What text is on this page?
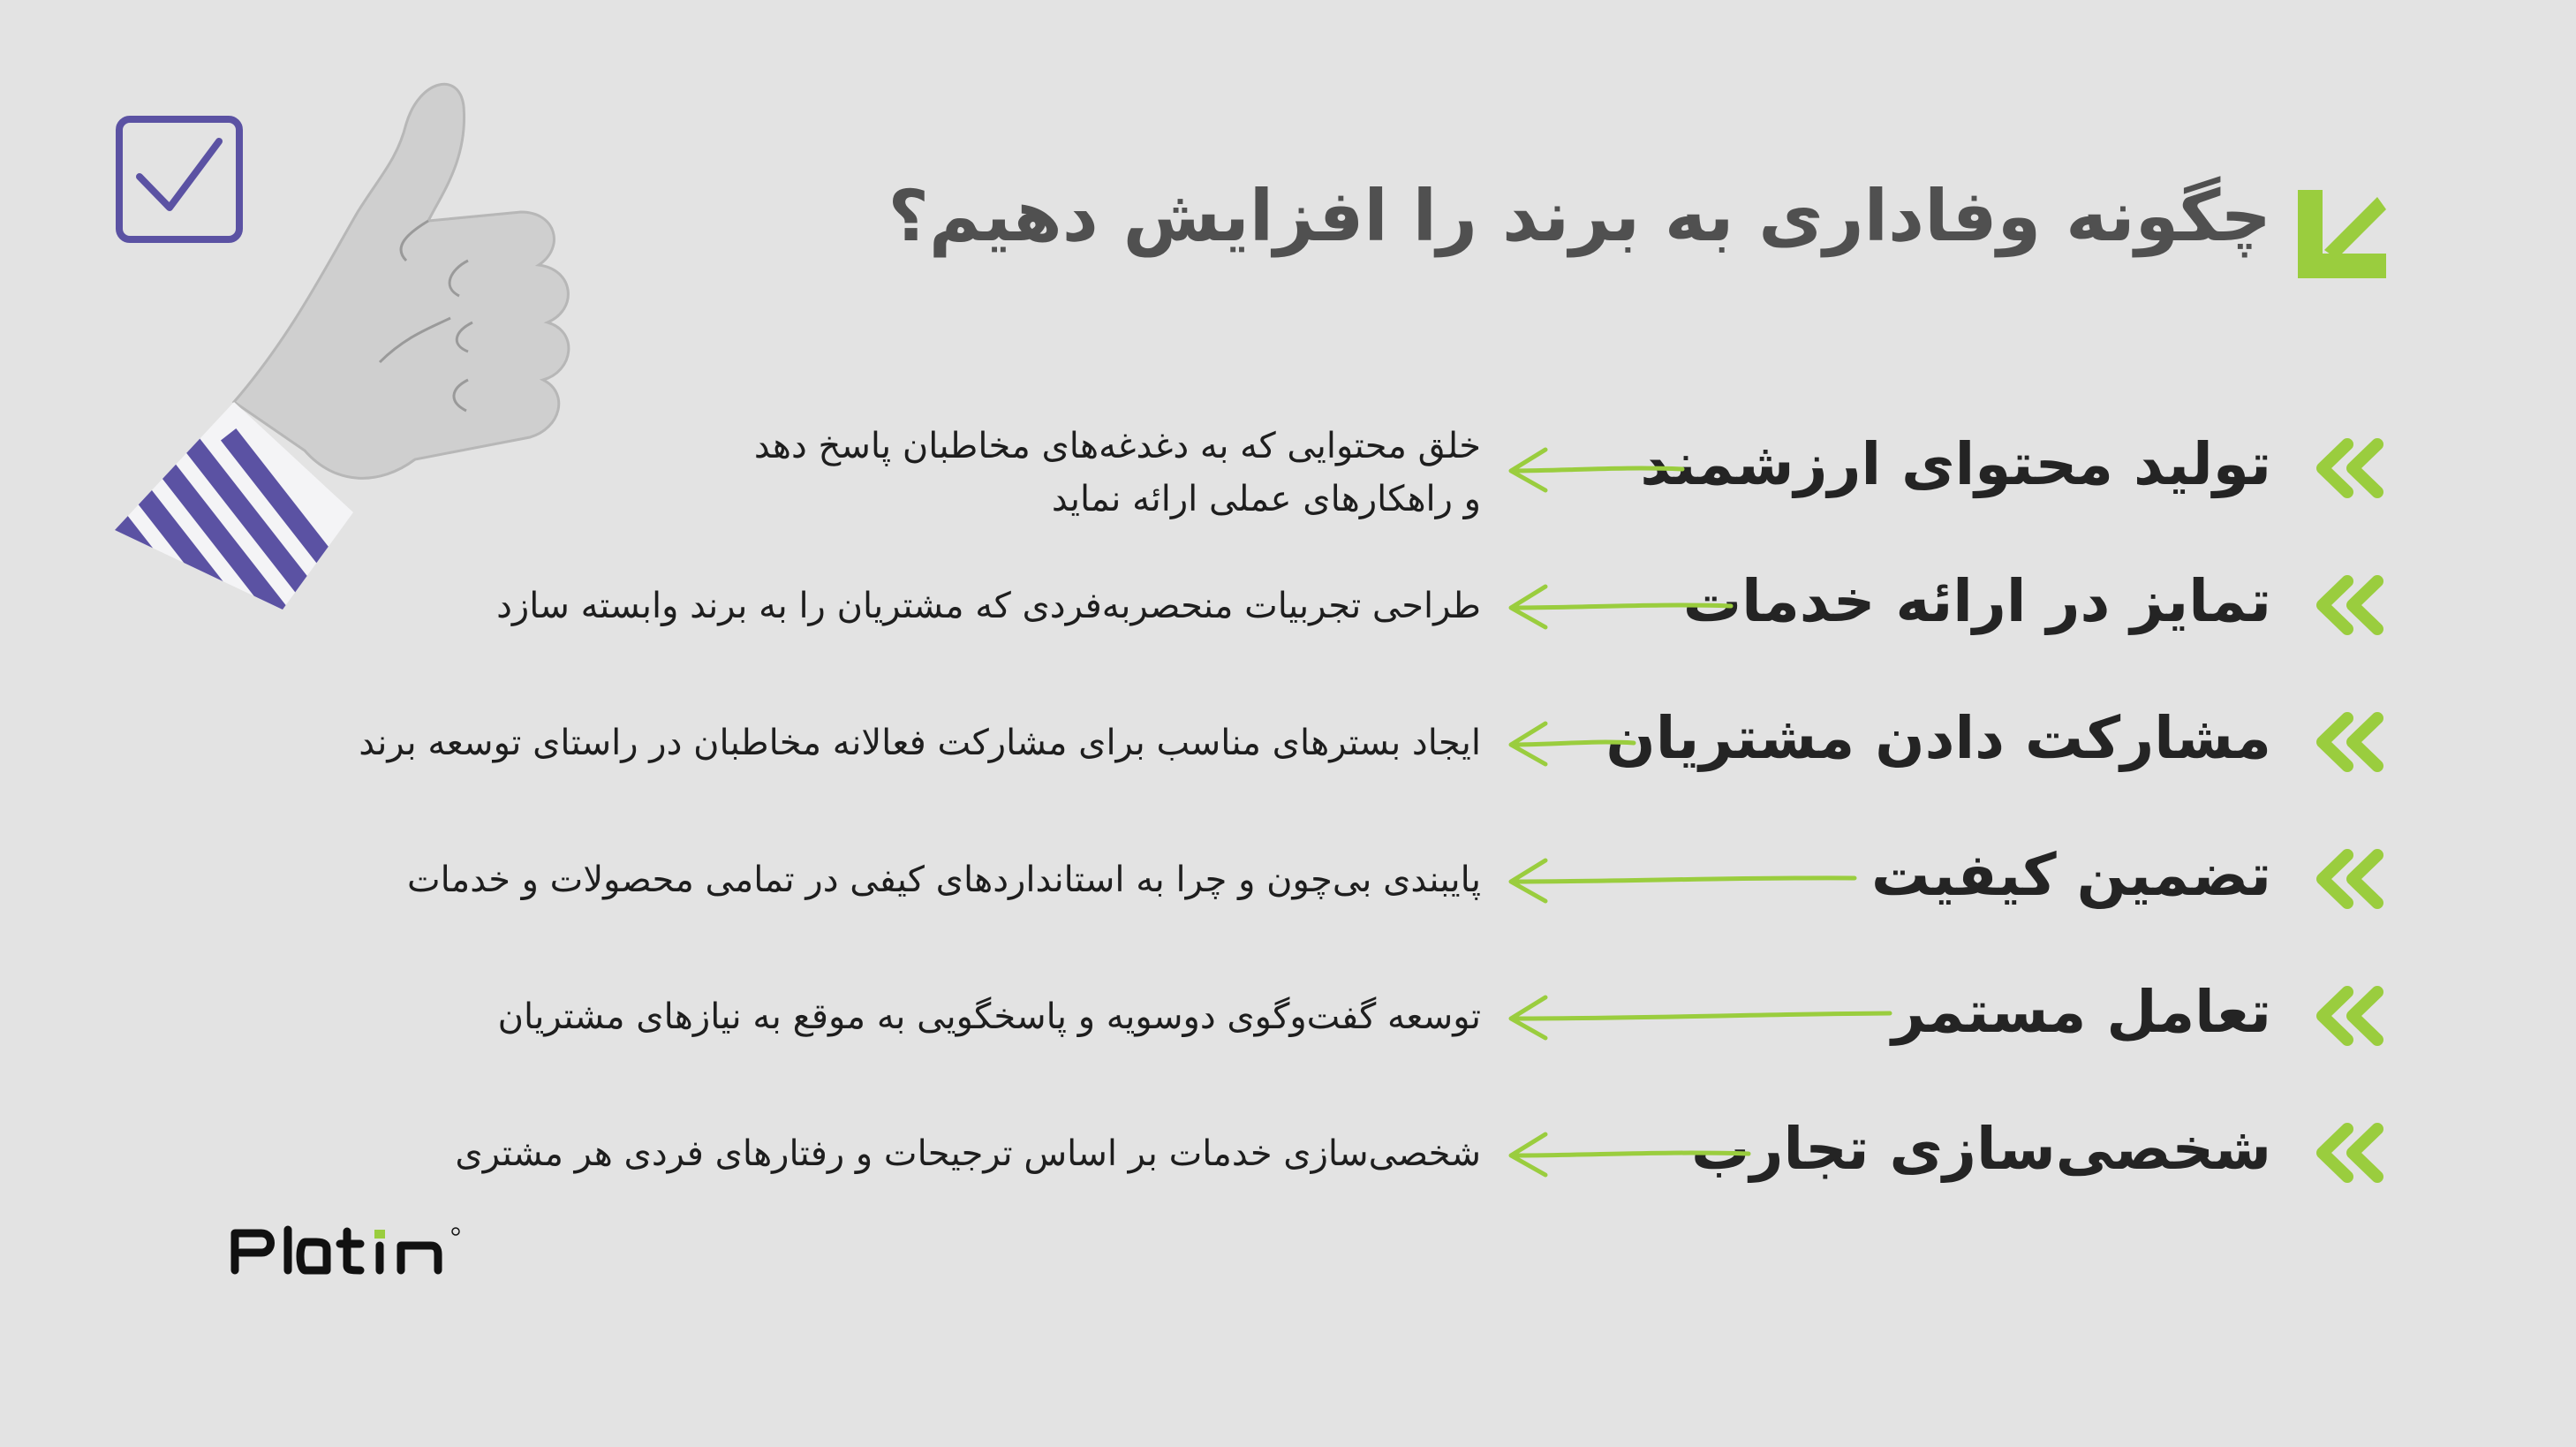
چگونه وفاداری به برند را افزایش دهیم؟
تولید محتوای ارزشمند
خلق محتوایی که به دغدغه‌های مخاطبان پاسخ دهد
و راهکارهای عملی ارائه نماید
تمایز در ارائه خدمات
طراحی تجربیات منحصربه‌فردی که مشتریان را به برند وابسته سازد
مشارکت دادن مشتریان
ایجاد بسترهای مناسب برای مشارکت فعالانه مخاطبان در راستای توسعه برند
تضمین کیفیت
پایبندی بی‌چون و چرا به استانداردهای کیفی در تمامی محصولات و خدمات
تعامل مستمر
توسعه گفت‌وگوی دوسویه و پاسخگویی به موقع به نیازهای مشتریان
شخصی‌سازی تجارب
شخصی‌سازی خدمات بر اساس ترجیحات و رفتارهای فردی هر مشتری
